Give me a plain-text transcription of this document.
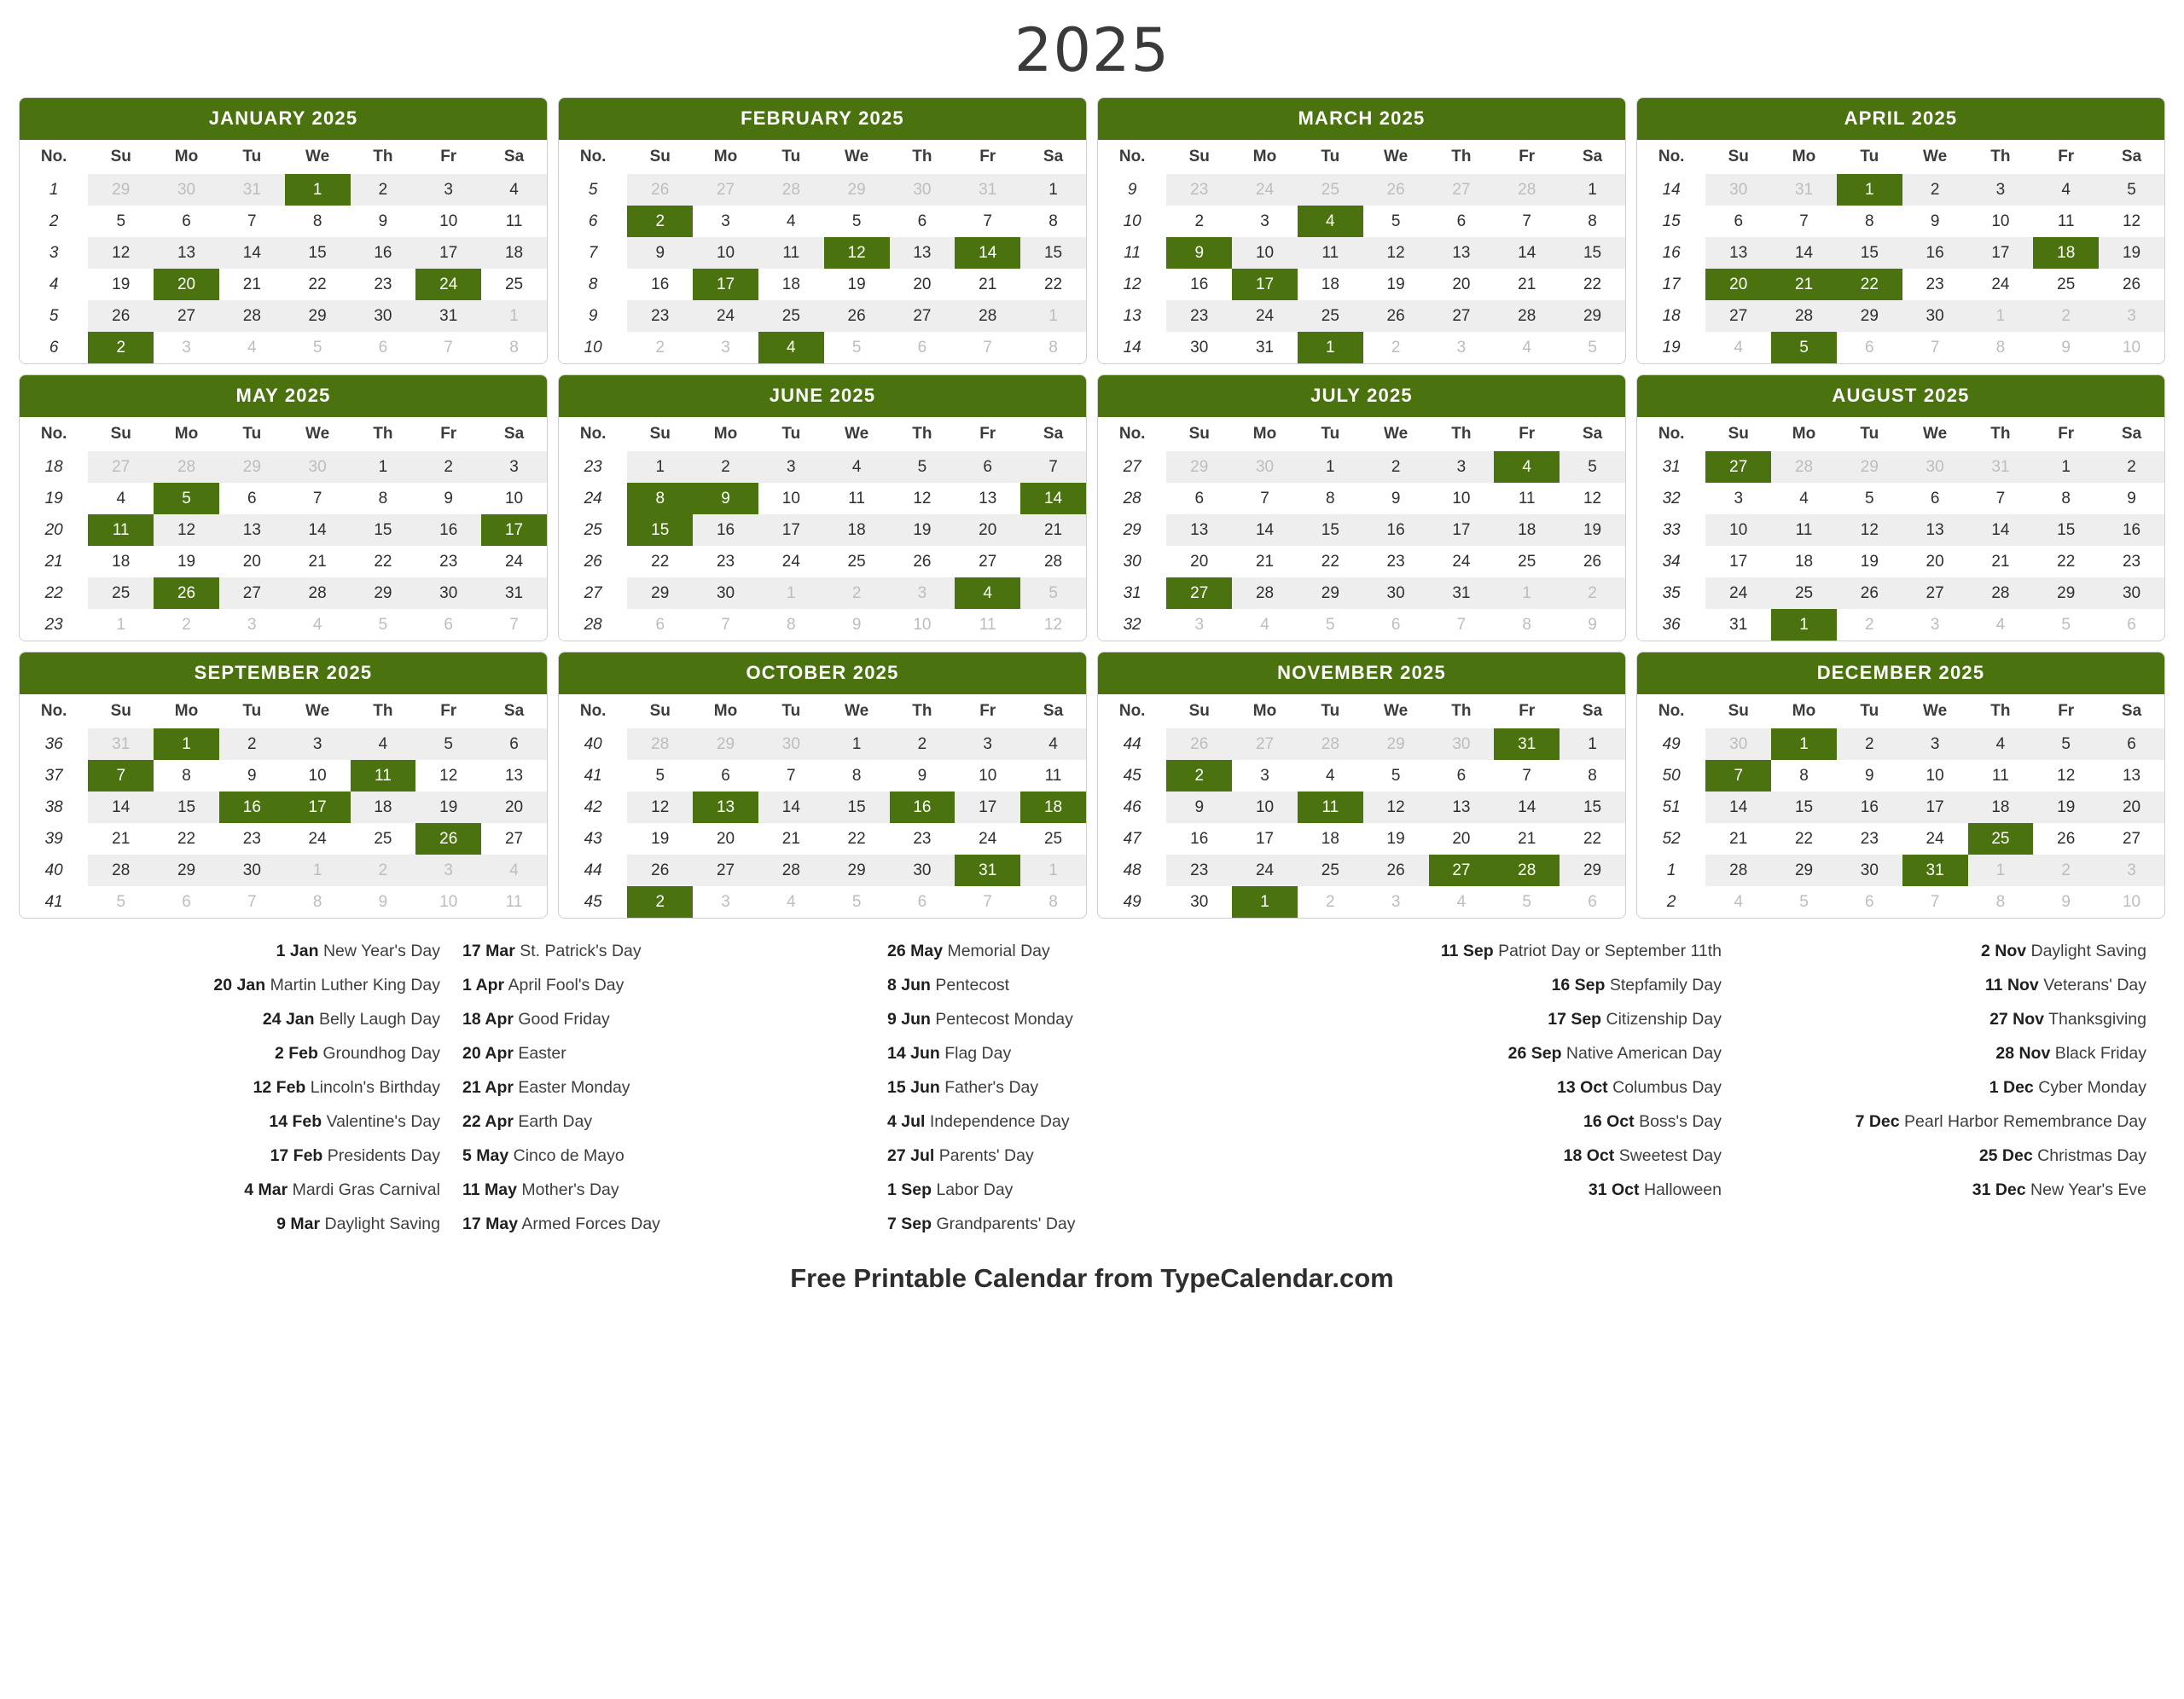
2025
JANUARY 2025
No.	Su	Mo	Tu	We	Th	Fr	Sa

1	29	30	31	1	2	3	4

2	5	6	7	8	9	10	11

3	12	13	14	15	16	17	18

4	19	20	21	22	23	24	25

5	26	27	28	29	30	31	1

6	2	3	4	5	6	7	8
FEBRUARY 2025
No.	Su	Mo	Tu	We	Th	Fr	Sa

5	26	27	28	29	30	31	1

6	2	3	4	5	6	7	8

7	9	10	11	12	13	14	15

8	16	17	18	19	20	21	22

9	23	24	25	26	27	28	1

10	2	3	4	5	6	7	8
MARCH 2025
No.	Su	Mo	Tu	We	Th	Fr	Sa

9	23	24	25	26	27	28	1

10	2	3	4	5	6	7	8

11	9	10	11	12	13	14	15

12	16	17	18	19	20	21	22

13	23	24	25	26	27	28	29

14	30	31	1	2	3	4	5
APRIL 2025
No.	Su	Mo	Tu	We	Th	Fr	Sa

14	30	31	1	2	3	4	5

15	6	7	8	9	10	11	12

16	13	14	15	16	17	18	19

17	20	21	22	23	24	25	26

18	27	28	29	30	1	2	3

19	4	5	6	7	8	9	10
MAY 2025
No.	Su	Mo	Tu	We	Th	Fr	Sa

18	27	28	29	30	1	2	3

19	4	5	6	7	8	9	10

20	11	12	13	14	15	16	17

21	18	19	20	21	22	23	24

22	25	26	27	28	29	30	31

23	1	2	3	4	5	6	7
JUNE 2025
No.	Su	Mo	Tu	We	Th	Fr	Sa

23	1	2	3	4	5	6	7

24	8	9	10	11	12	13	14

25	15	16	17	18	19	20	21

26	22	23	24	25	26	27	28

27	29	30	1	2	3	4	5

28	6	7	8	9	10	11	12
JULY 2025
No.	Su	Mo	Tu	We	Th	Fr	Sa

27	29	30	1	2	3	4	5

28	6	7	8	9	10	11	12

29	13	14	15	16	17	18	19

30	20	21	22	23	24	25	26

31	27	28	29	30	31	1	2

32	3	4	5	6	7	8	9
AUGUST 2025
No.	Su	Mo	Tu	We	Th	Fr	Sa

31	27	28	29	30	31	1	2

32	3	4	5	6	7	8	9

33	10	11	12	13	14	15	16

34	17	18	19	20	21	22	23

35	24	25	26	27	28	29	30

36	31	1	2	3	4	5	6
SEPTEMBER 2025
No.	Su	Mo	Tu	We	Th	Fr	Sa

36	31	1	2	3	4	5	6

37	7	8	9	10	11	12	13

38	14	15	16	17	18	19	20

39	21	22	23	24	25	26	27

40	28	29	30	1	2	3	4

41	5	6	7	8	9	10	11
OCTOBER 2025
No.	Su	Mo	Tu	We	Th	Fr	Sa

40	28	29	30	1	2	3	4

41	5	6	7	8	9	10	11

42	12	13	14	15	16	17	18

43	19	20	21	22	23	24	25

44	26	27	28	29	30	31	1

45	2	3	4	5	6	7	8
NOVEMBER 2025
No.	Su	Mo	Tu	We	Th	Fr	Sa

44	26	27	28	29	30	31	1

45	2	3	4	5	6	7	8

46	9	10	11	12	13	14	15

47	16	17	18	19	20	21	22

48	23	24	25	26	27	28	29

49	30	1	2	3	4	5	6
DECEMBER 2025
No.	Su	Mo	Tu	We	Th	Fr	Sa

49	30	1	2	3	4	5	6

50	7	8	9	10	11	12	13

51	14	15	16	17	18	19	20

52	21	22	23	24	25	26	27

1	28	29	30	31	1	2	3

2	4	5	6	7	8	9	10
1 Jan New Year's Day
20 Jan Martin Luther King Day
24 Jan Belly Laugh Day
2 Feb Groundhog Day
12 Feb Lincoln's Birthday
14 Feb Valentine's Day
17 Feb Presidents Day
4 Mar Mardi Gras Carnival
9 Mar Daylight Saving
17 Mar St. Patrick's Day
1 Apr April Fool's Day
18 Apr Good Friday
20 Apr Easter
21 Apr Easter Monday
22 Apr Earth Day
5 May Cinco de Mayo
11 May Mother's Day
17 May Armed Forces Day
26 May Memorial Day
8 Jun Pentecost
9 Jun Pentecost Monday
14 Jun Flag Day
15 Jun Father's Day
4 Jul Independence Day
27 Jul Parents' Day
1 Sep Labor Day
7 Sep Grandparents' Day
11 Sep Patriot Day or September 11th
16 Sep Stepfamily Day
17 Sep Citizenship Day
26 Sep Native American Day
13 Oct Columbus Day
16 Oct Boss's Day
18 Oct Sweetest Day
31 Oct Halloween
2 Nov Daylight Saving
11 Nov Veterans' Day
27 Nov Thanksgiving
28 Nov Black Friday
1 Dec Cyber Monday
7 Dec Pearl Harbor Remembrance Day
25 Dec Christmas Day
31 Dec New Year's Eve
Free Printable Calendar from TypeCalendar.com
